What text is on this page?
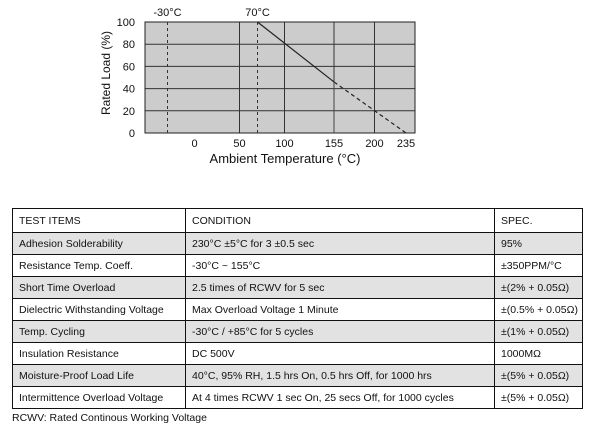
-30°C	70°C
0	50	100	155 200 235
0
20
40
60
80
100
Ambient Temperature (°C)
Rated Load (%)
TEST ITEMS	CONDITION	SPEC.
Adhesion Solderability	230°C ±5°C for 3 ±0.5 sec	95%
Resistance Temp. Coeff.	-30°C ~ 155°C	±350PPM/°C
Short Time Overload	2.5 times of RCWV for 5 sec	±(2% + 0.05Ω)
Dielectric Withstanding Voltage	Max Overload Voltage 1 Minute	±(0.5% + 0.05Ω)
Temp. Cycling	-30°C / +85°C for 5 cycles	±(1% + 0.05Ω)
Insulation Resistance	DC 500V	1000MΩ
Moisture-Proof Load Life	40°C, 95% RH, 1.5 hrs On, 0.5 hrs Off, for 1000 hrs	±(5% + 0.05Ω)
Intermittence Overload Voltage	At 4 times RCWV 1 sec On, 25 secs Off, for 1000 cycles	±(5% + 0.05Ω)
RCWV: Rated Continous Working Voltage
